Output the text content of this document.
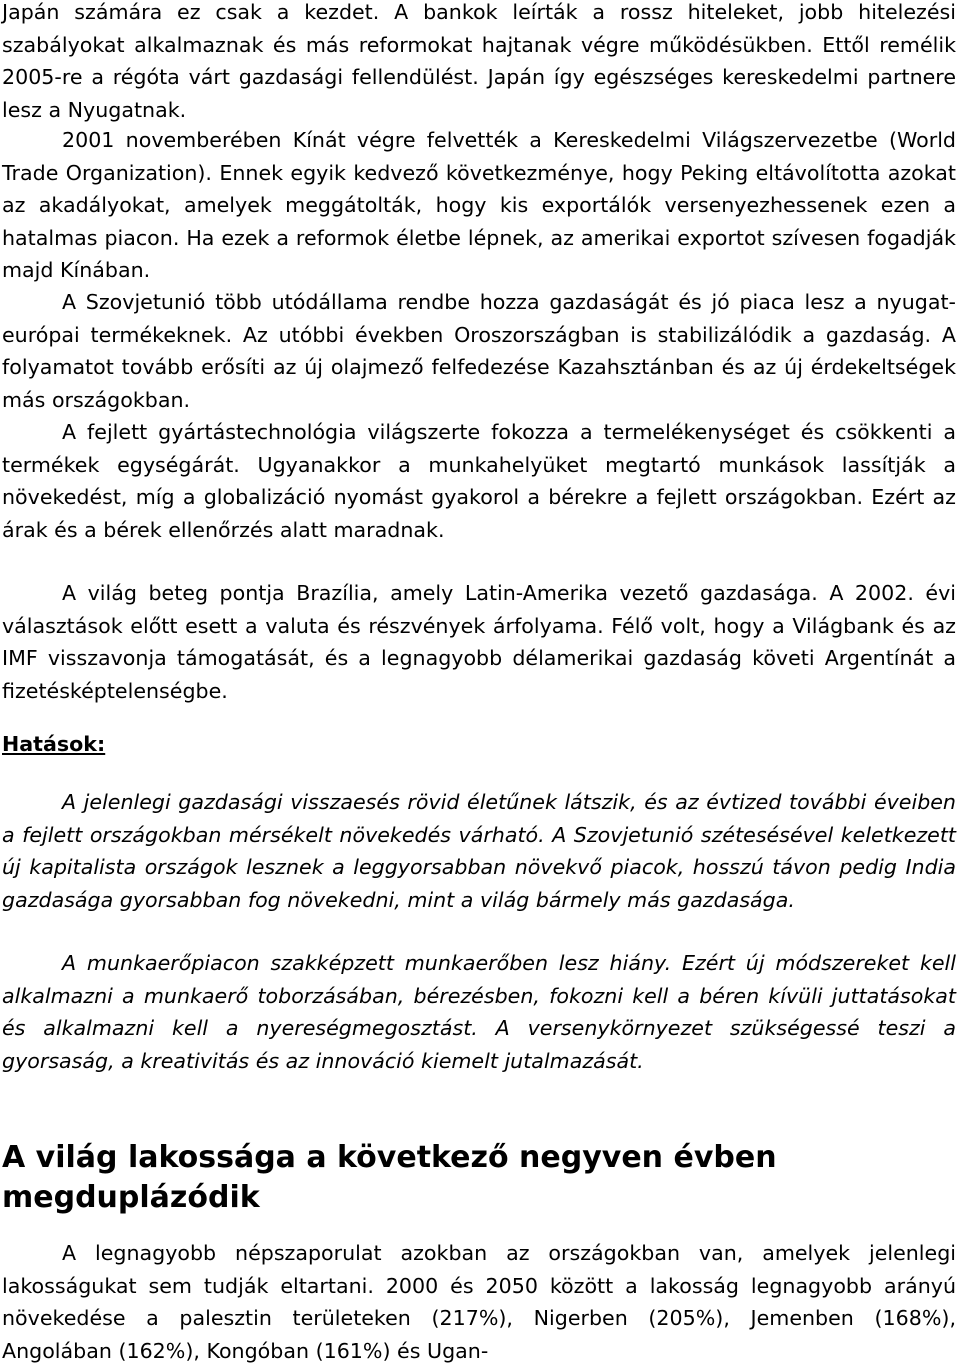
Japán számára ez csak a kezdet. A bankok leírták a rossz hiteleket, jobb hitelezési szabályokat alkalmaznak és más reformokat hajtanak végre működésükben. Ettől remélik 2005-re a régóta várt gazdasági fellendülést. Japán így egészséges kereskedelmi partnere lesz a Nyugatnak.

2001 novemberében Kínát végre felvették a Kereskedelmi Világszervezetbe (World Trade Organization). Ennek egyik kedvező következménye, hogy Peking eltávolította azokat az akadályokat, amelyek meggátolták, hogy kis exportálók versenyezhessenek ezen a hatalmas piacon. Ha ezek a reformok életbe lépnek, az amerikai exportot szívesen fogadják majd Kínában.

A Szovjetunió több utódállama rendbe hozza gazdaságát és jó piaca lesz a nyugat-európai termékeknek. Az utóbbi években Oroszországban is stabilizálódik a gazdaság. A folyamatot tovább erősíti az új olajmező felfedezése Kazahsztánban és az új érdekeltségek más országokban.

A fejlett gyártástechnológia világszerte fokozza a termelékenységet és csökkenti a termékek egységárát. Ugyanakkor a munkahelyüket megtartó munkások lassítják a növekedést, míg a globalizáció nyomást gyakorol a bérekre a fejlett országokban. Ezért az árak és a bérek ellenőrzés alatt maradnak.

A világ beteg pontja Brazília, amely Latin-Amerika vezető gazdasága. A 2002. évi választások előtt esett a valuta és részvények árfolyama. Félő volt, hogy a Világbank és az IMF visszavonja támogatását, és a legnagyobb délamerikai gazdaság követi Argentínát a fizetésképtelenségbe.

Hatások:

A jelenlegi gazdasági visszaesés rövid életűnek látszik, és az évtized további éveiben a fejlett országokban mérsékelt növekedés várható. A Szovjetunió szétesésével keletkezett új kapitalista országok lesznek a leggyorsabban növekvő piacok, hosszú távon pedig India gazdasága gyorsabban fog növekedni, mint a világ bármely más gazdasága.

A munkaerőpiacon szakképzett munkaerőben lesz hiány. Ezért új módszereket kell alkalmazni a munkaerő toborzásában, bérezésben, fokozni kell a béren kívüli juttatásokat és alkalmazni kell a nyereségmegosztást. A versenykörnyezet szükségessé teszi a gyorsaság, a kreativitás és az innováció kiemelt jutalmazását.

A világ lakossága a következő negyven évben megduplázódik

A legnagyobb népszaporulat azokban az országokban van, amelyek jelenlegi lakosságukat sem tudják eltartani. 2000 és 2050 között a lakosság legnagyobb arányú növekedése a palesztin területeken (217%), Nigerben (205%), Jemenben (168%), Angolában (162%), Kongóban (161%) és Ugan-
